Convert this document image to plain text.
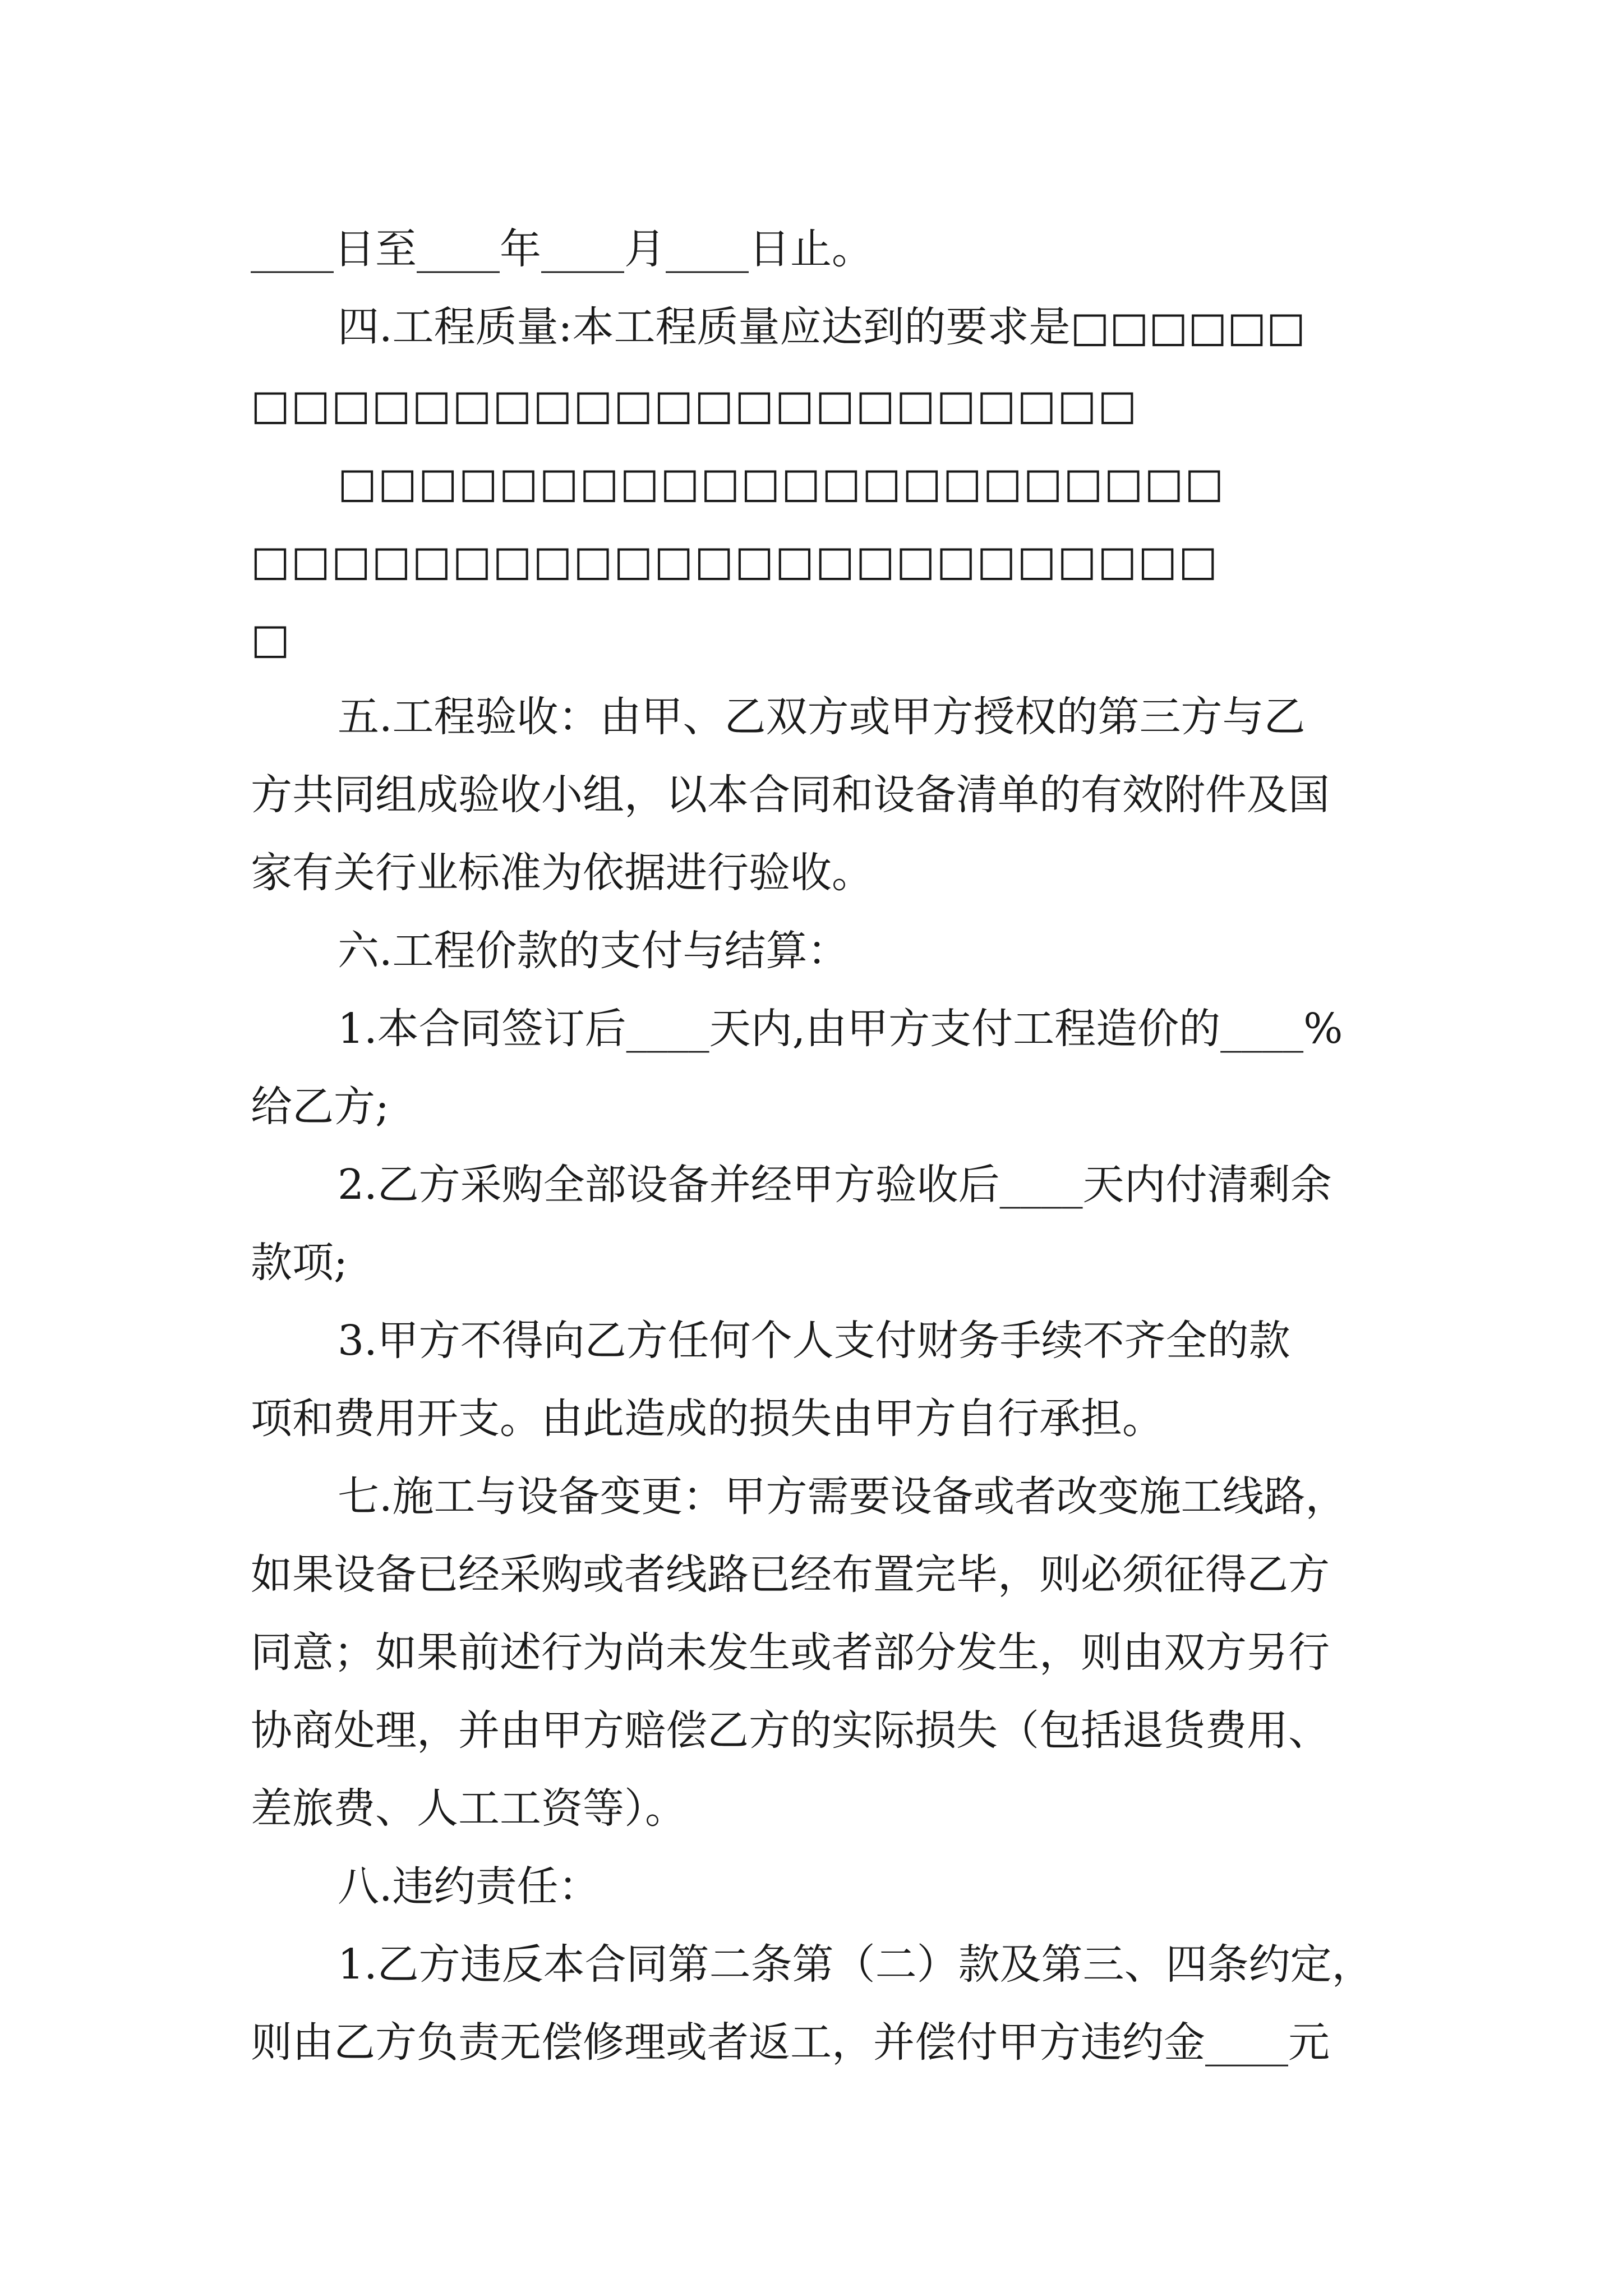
____日至____年____月____日止。
四.工程质量:本工程质量应达到的要求是□□□□□□
□□□□□□□□□□□□□□□□□□□□□□
□□□□□□□□□□□□□□□□□□□□□□
□□□□□□□□□□□□□□□□□□□□□□□□
□
五.工程验收：由甲、乙双方或甲方授权的第三方与乙
方共同组成验收小组，以本合同和设备清单的有效附件及国
家有关行业标准为依据进行验收。
六.工程价款的支付与结算：
1.本合同签订后____天内,由甲方支付工程造价的____%
给乙方;
2.乙方采购全部设备并经甲方验收后____天内付清剩余
款项;
3.甲方不得向乙方任何个人支付财务手续不齐全的款
项和费用开支。由此造成的损失由甲方自行承担。
七.施工与设备变更：甲方需要设备或者改变施工线路，
如果设备已经采购或者线路已经布置完毕，则必须征得乙方
同意；如果前述行为尚未发生或者部分发生，则由双方另行
协商处理，并由甲方赔偿乙方的实际损失（包括退货费用、
差旅费、人工工资等）。
八.违约责任：
1.乙方违反本合同第二条第（二）款及第三、四条约定，
则由乙方负责无偿修理或者返工，并偿付甲方违约金____元
